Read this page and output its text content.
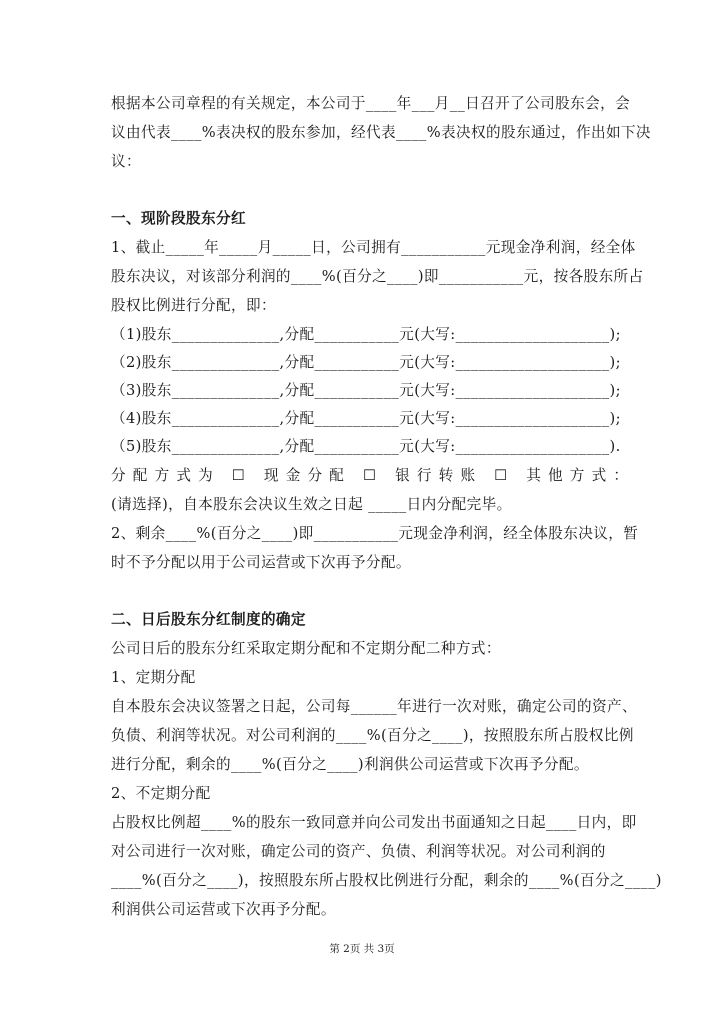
根据本公司章程的有关规定，本公司于____年___月__日召开了公司股东会，会
议由代表____%表决权的股东参加，经代表____%表决权的股东通过，作出如下决
议：
一、现阶段股东分红
1、截止_____年_____月_____日，公司拥有___________元现金净利润，经全体
股东决议，对该部分利润的____%(百分之____)即___________元，按各股东所占
股权比例进行分配，即：
（1)股东______________,分配___________元(大写:____________________);
（2)股东______________,分配___________元(大写:____________________);
（3)股东______________,分配___________元(大写:____________________);
（4)股东______________,分配___________元(大写:____________________);
（5)股东______________,分配___________元(大写:____________________).
分配方式为 ☐ 现金分配 ☐ 银行转账 ☐ 其他方式：
(请选择)，自本股东会决议生效之日起 _____日内分配完毕。
2、剩余____%(百分之____)即___________元现金净利润，经全体股东决议，暂
时不予分配以用于公司运营或下次再予分配。
二、日后股东分红制度的确定
公司日后的股东分红采取定期分配和不定期分配二种方式：
1、定期分配
自本股东会决议签署之日起，公司每______年进行一次对账，确定公司的资产、
负债、利润等状况。对公司利润的____%(百分之____)，按照股东所占股权比例
进行分配，剩余的____%(百分之____)利润供公司运营或下次再予分配。
2、不定期分配
占股权比例超____%的股东一致同意并向公司发出书面通知之日起____日内，即
对公司进行一次对账，确定公司的资产、负债、利润等状况。对公司利润的
____%(百分之____)，按照股东所占股权比例进行分配，剩余的____%(百分之____)
利润供公司运营或下次再予分配。
第 2页 共 3页
